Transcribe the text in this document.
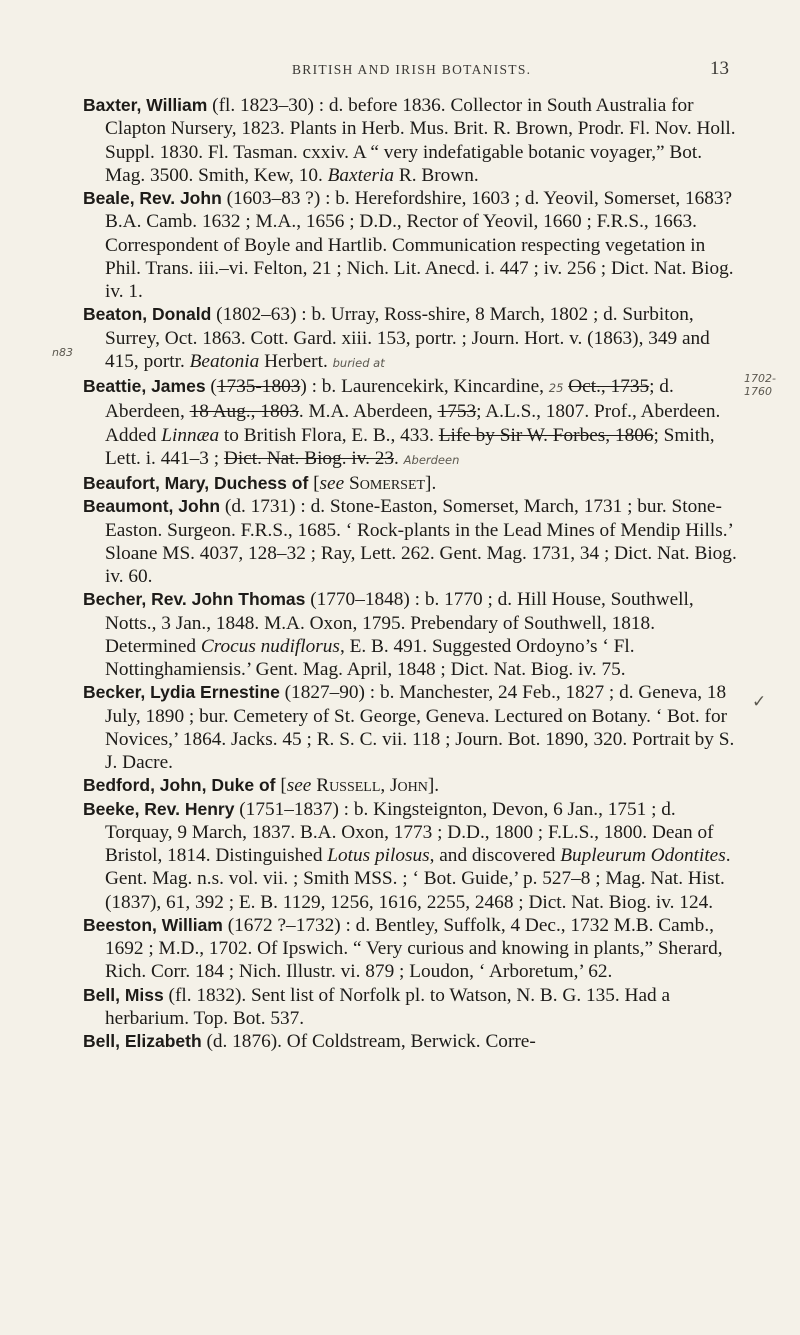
BRITISH AND IRISH BOTANISTS.	13

Baxter, William (fl. 1823–30) : d. before 1836. Collector in South Australia for Clapton Nursery, 1823. Plants in Herb. Mus. Brit. R. Brown, Prodr. Fl. Nov. Holl. Suppl. 1830. Fl. Tasman. cxxiv. A “ very indefatigable botanic voyager,” Bot. Mag. 3500. Smith, Kew, 10. Baxteria R. Brown.

Beale, Rev. John (1603–83 ?) : b. Herefordshire, 1603 ; d. Yeovil, Somerset, 1683? B.A. Camb. 1632 ; M.A., 1656 ; D.D., Rector of Yeovil, 1660 ; F.R.S., 1663. Correspondent of Boyle and Hartlib. Communication respecting vegetation in Phil. Trans. iii.–vi. Felton, 21 ; Nich. Lit. Anecd. i. 447 ; iv. 256 ; Dict. Nat. Biog. iv. 1.

Beaton, Donald (1802–63) : b. Urray, Ross-shire, 8 March, 1802 ; d. Surbiton, Surrey, Oct. 1863. Cott. Gard. xiii. 153, portr. ; Journ. Hort. v. (1863), 349 and 415, portr. Beatonia Herbert. buried at

Beattie, James (1735-1803) : b. Laurencekirk, Kincardine, 25 Oct., 1735; d. Aberdeen, 18 Aug., 1803. M.A. Aberdeen, 1753; A.L.S., 1807. Prof., Aberdeen. Added Linnæa to British Flora, E. B., 433. Life by Sir W. Forbes, 1806; Smith, Lett. i. 441–3 ; Dict. Nat. Biog. iv. 23. Aberdeen

Beaufort, Mary, Duchess of [see Somerset].

Beaumont, John (d. 1731) : d. Stone-Easton, Somerset, March, 1731 ; bur. Stone-Easton. Surgeon. F.R.S., 1685. ‘ Rock-plants in the Lead Mines of Mendip Hills.’ Sloane MS. 4037, 128–32 ; Ray, Lett. 262. Gent. Mag. 1731, 34 ; Dict. Nat. Biog. iv. 60.

Becher, Rev. John Thomas (1770–1848) : b. 1770 ; d. Hill House, Southwell, Notts., 3 Jan., 1848. M.A. Oxon, 1795. Prebendary of Southwell, 1818. Determined Crocus nudiflorus, E. B. 491. Suggested Ordoyno’s ‘ Fl. Nottinghamiensis.’ Gent. Mag. April, 1848 ; Dict. Nat. Biog. iv. 75.

Becker, Lydia Ernestine (1827–90) : b. Manchester, 24 Feb., 1827 ; d. Geneva, 18 July, 1890 ; bur. Cemetery of St. George, Geneva. Lectured on Botany. ‘ Bot. for Novices,’ 1864. Jacks. 45 ; R. S. C. vii. 118 ; Journ. Bot. 1890, 320. Portrait by S. J. Dacre.

Bedford, John, Duke of [see Russell, John].

Beeke, Rev. Henry (1751–1837) : b. Kingsteignton, Devon, 6 Jan., 1751 ; d. Torquay, 9 March, 1837. B.A. Oxon, 1773 ; D.D., 1800 ; F.L.S., 1800. Dean of Bristol, 1814. Distinguished Lotus pilosus, and discovered Bupleurum Odontites. Gent. Mag. n.s. vol. vii. ; Smith MSS. ; ‘ Bot. Guide,’ p. 527–8 ; Mag. Nat. Hist. (1837), 61, 392 ; E. B. 1129, 1256, 1616, 2255, 2468 ; Dict. Nat. Biog. iv. 124.

Beeston, William (1672 ?–1732) : d. Bentley, Suffolk, 4 Dec., 1732 M.B. Camb., 1692 ; M.D., 1702. Of Ipswich. “ Very curious and knowing in plants,” Sherard, Rich. Corr. 184 ; Nich. Illustr. vi. 879 ; Loudon, ‘ Arboretum,’ 62.

Bell, Miss (fl. 1832). Sent list of Norfolk pl. to Watson, N. B. G. 135. Had a herbarium. Top. Bot. 537.

Bell, Elizabeth (d. 1876). Of Coldstream, Berwick. Corre-

n83
1702-1760
✓
